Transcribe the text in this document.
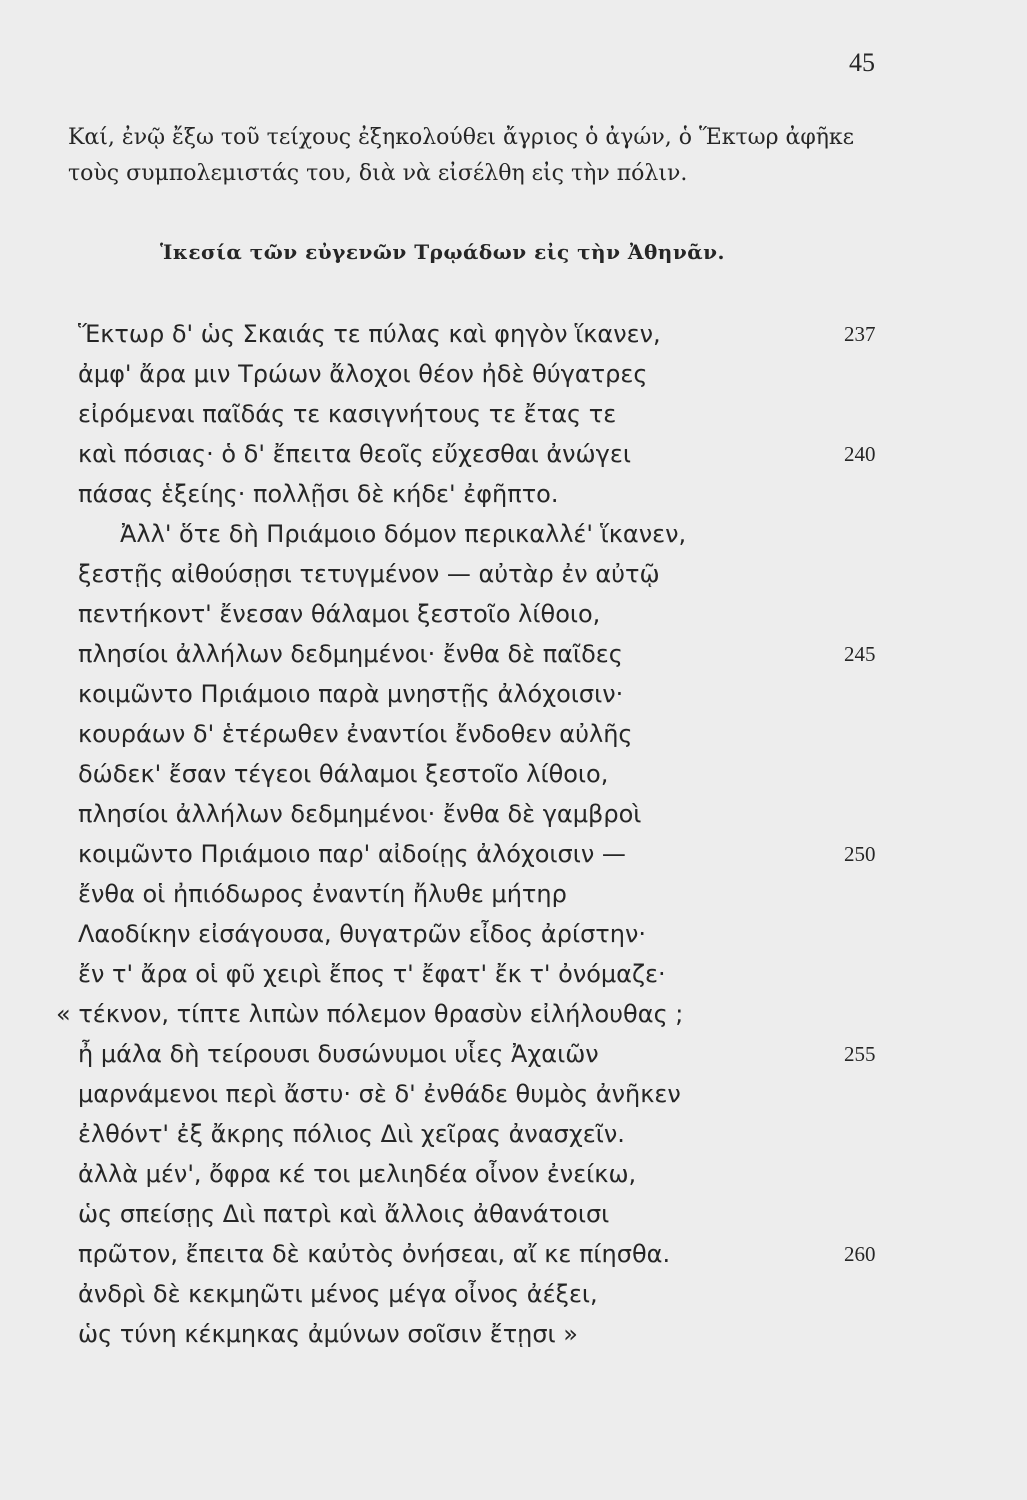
45
Καί, ἐνῷ ἔξω τοῦ τείχους ἐξηκολούθει ἄγριος ὁ ἀγών, ὁ Ἕκτωρ ἀφῆκε
τοὺς συμπολεμιστάς του, διὰ νὰ εἰσέλθη εἰς τὴν πόλιν.
Ἱκεσία τῶν εὐγενῶν Τρῳάδων εἰς τὴν Ἀθηνᾶν.
Ἕκτωρ δ' ὡς Σκαιάς τε πύλας καὶ φηγὸν ἵκανεν,	237
ἀμφ' ἄρα μιν Τρώων ἄλοχοι θέον ἠδὲ θύγατρες
εἰρόμεναι παῖδάς τε κασιγνήτους τε ἔτας τε
καὶ πόσιας· ὁ δ' ἔπειτα θεοῖς εὔχεσθαι ἀνώγει	240
πάσας ἑξείης· πολλῇσι δὲ κήδε' ἐφῆπτο.
Ἀλλ' ὅτε δὴ Πριάμοιο δόμον περικαλλέ' ἵκανεν,
ξεστῇς αἰθούσῃσι τετυγμένον — αὐτὰρ ἐν αὐτῷ
πεντήκοντ' ἔνεσαν θάλαμοι ξεστοῖο λίθοιο,
πλησίοι ἀλλήλων δεδμημένοι· ἔνθα δὲ παῖδες	245
κοιμῶντο Πριάμοιο παρὰ μνηστῇς ἀλόχοισιν·
κουράων δ' ἑτέρωθεν ἐναντίοι ἔνδοθεν αὐλῆς
δώδεκ' ἔσαν τέγεοι θάλαμοι ξεστοῖο λίθοιο,
πλησίοι ἀλλήλων δεδμημένοι· ἔνθα δὲ γαμβροὶ
κοιμῶντο Πριάμοιο παρ' αἰδοίῃς ἀλόχοισιν —	250
ἔνθα οἱ ἠπιόδωρος ἐναντίη ἤλυθε μήτηρ
Λαοδίκην εἰσάγουσα, θυγατρῶν εἶδος ἀρίστην·
ἔν τ' ἄρα οἱ φῦ χειρὶ ἔπος τ' ἔφατ' ἔκ τ' ὀνόμαζε·
« τέκνον, τίπτε λιπὼν πόλεμον θρασὺν εἰλήλουθας ;
ἦ μάλα δὴ τείρουσι δυσώνυμοι υἷες Ἀχαιῶν	255
μαρνάμενοι περὶ ἄστυ· σὲ δ' ἐνθάδε θυμὸς ἀνῆκεν
ἐλθόντ' ἐξ ἄκρης πόλιος Διὶ χεῖρας ἀνασχεῖν.
ἀλλὰ μέν', ὄφρα κέ τοι μελιηδέα οἶνον ἐνείκω,
ὡς σπείσῃς Διὶ πατρὶ καὶ ἄλλοις ἀθανάτοισι
πρῶτον, ἔπειτα δὲ καὐτὸς ὀνήσεαι, αἴ κε πίησθα.	260
ἀνδρὶ δὲ κεκμηῶτι μένος μέγα οἶνος ἀέξει,
ὡς τύνη κέκμηκας ἀμύνων σοῖσιν ἔτῃσι »
